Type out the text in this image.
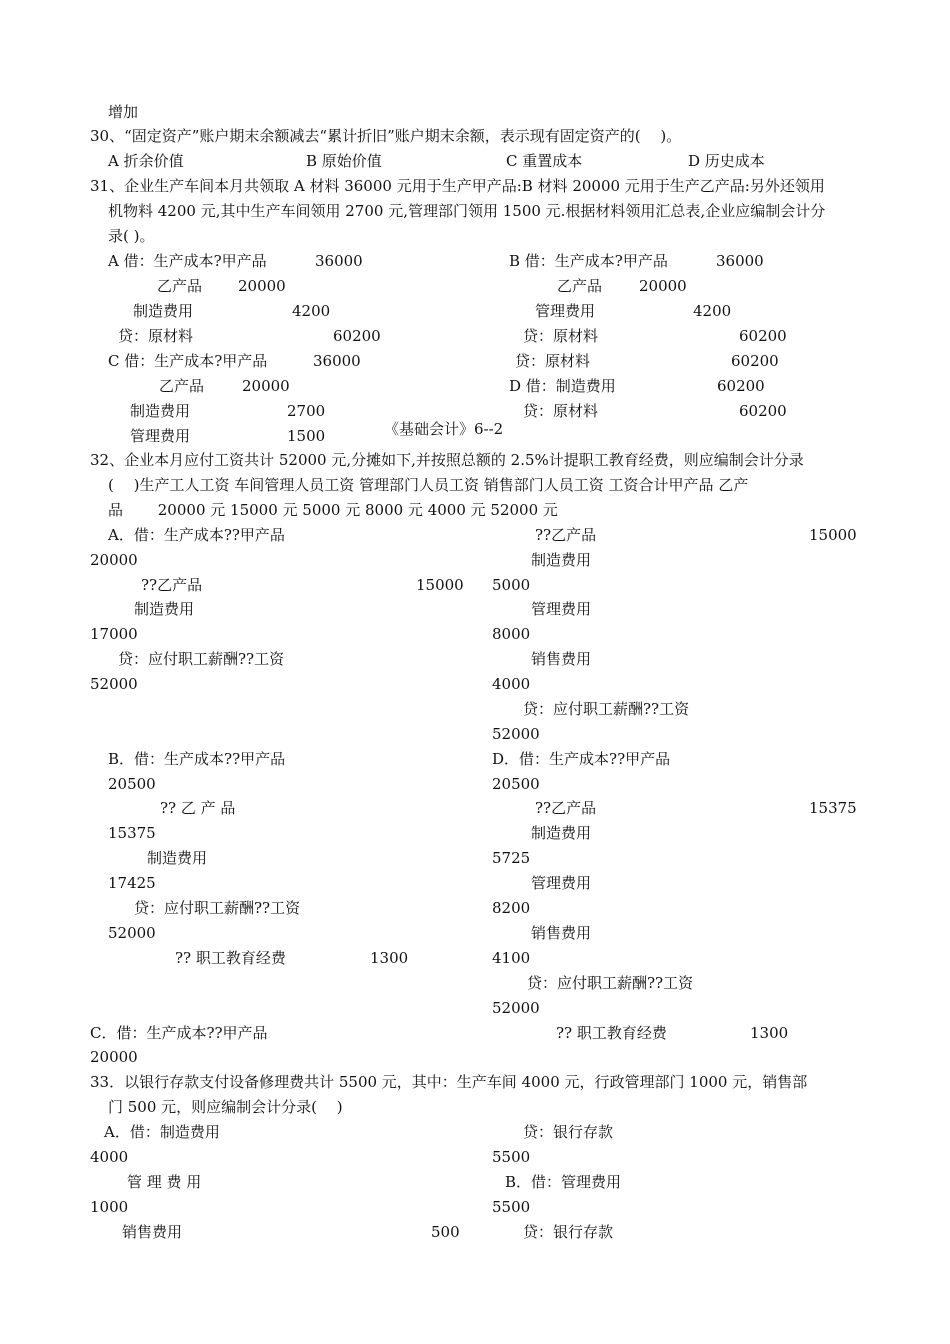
增加
30、“固定资产”账户期末余额减去“累计折旧”账户期末余额，表示现有固定资产的(　 )。
A 折余价值	B 原始价值	C 重置成本	D 历史成本
31、企业生产车间本月共领取 A 材料 36000 元用于生产甲产品:B 材料 20000 元用于生产乙产品:另外还领用
机物料 4200 元,其中生产车间领用 2700 元,管理部门领用 1500 元.根据材料领用汇总表,企业应编制会计分
录( )。
A 借：生产成本?甲产品	36000
乙产品 20000
制造费用	4200
贷：原材料	60200
B 借：生产成本?甲产品	36000
乙产品 20000
管理费用	4200
贷：原材料	60200
C 借：生产成本?甲产品	36000
乙产品	20000
制造费用	2700
管理费用	1500
贷：原材料	60200
D 借：制造费用	60200
贷：原材料	60200
《基础会计》6--2
32、企业本月应付工资共计 52000 元,分摊如下,并按照总额的 2.5%计提职工教育经费，则应编制会计分录
(　 )生产工人工资 车间管理人员工资 管理部门人员工资 销售部门人员工资 工资合计甲产品 乙产
品　　 20000 元 15000 元 5000 元 8000 元 4000 元 52000 元
A．借：生产成本??甲产品
20000
??乙产品	15000
制造费用
17000
贷：应付职工薪酬??工资
52000
??乙产品	15000
制造费用
5000
管理费用
8000
销售费用
4000
贷：应付职工薪酬??工资
52000
B．借：生产成本??甲产品
20500
?? 乙 产 品
15375
制造费用
17425
贷：应付职工薪酬??工资
52000
?? 职工教育经费	1300
D．借：生产成本??甲产品
20500
??乙产品	15375
制造费用
5725
管理费用
8200
销售费用
4100
贷：应付职工薪酬??工资
52000
C．借：生产成本??甲产品
20000
?? 职工教育经费	1300
33．以银行存款支付设备修理费共计 5500 元，其中：生产车间 4000 元，行政管理部门 1000 元，销售部
门 500 元，则应编制会计分录(　 )
A．借：制造费用
4000
管 理 费 用
1000
销售费用	500
贷：银行存款
5500
B．借：管理费用
5500
贷：银行存款
